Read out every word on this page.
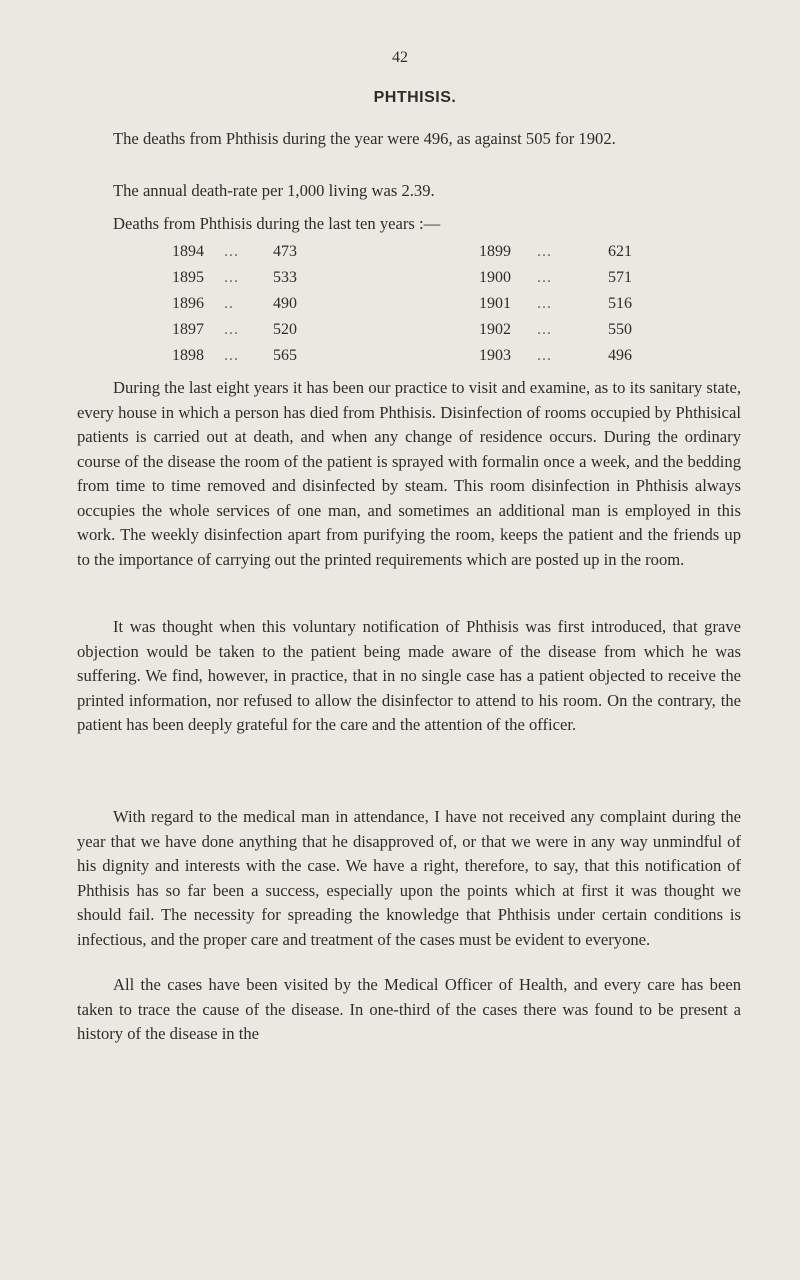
42
PHTHISIS.

The deaths from Phthisis during the year were 496, as against 505 for 1902.

The annual death-rate per 1,000 living was 2.39.

Deaths from Phthisis during the last ten years :—

1894 ... 473	1899 ...	621
1895 ... 533	1900 ...	571
1896 .. 490	1901 ...	516
1897 ... 520	1902 ...	550
1898 ... 565	1903 ...	496

During the last eight years it has been our practice to visit and examine, as to its sanitary state, every house in which a person has died from Phthisis. Disinfection of rooms occupied by Phthisical patients is carried out at death, and when any change of residence occurs. During the ordinary course of the disease the room of the patient is sprayed with formalin once a week, and the bedding from time to time removed and disinfected by steam. This room disinfection in Phthisis always occupies the whole services of one man, and sometimes an additional man is employed in this work. The weekly disinfection apart from purifying the room, keeps the patient and the friends up to the importance of carrying out the printed requirements which are posted up in the room.

It was thought when this voluntary notification of Phthisis was first introduced, that grave objection would be taken to the patient being made aware of the disease from which he was suffering. We find, however, in practice, that in no single case has a patient objected to receive the printed information, nor refused to allow the disinfector to attend to his room. On the contrary, the patient has been deeply grateful for the care and the attention of the officer.

With regard to the medical man in attendance, I have not received any complaint during the year that we have done anything that he disapproved of, or that we were in any way unmindful of his dignity and interests with the case. We have a right, therefore, to say, that this notification of Phthisis has so far been a success, especially upon the points which at first it was thought we should fail. The necessity for spreading the knowledge that Phthisis under certain conditions is infectious, and the proper care and treatment of the cases must be evident to everyone.

All the cases have been visited by the Medical Officer of Health, and every care has been taken to trace the cause of the disease. In one-third of the cases there was found to be present a history of the disease in the
